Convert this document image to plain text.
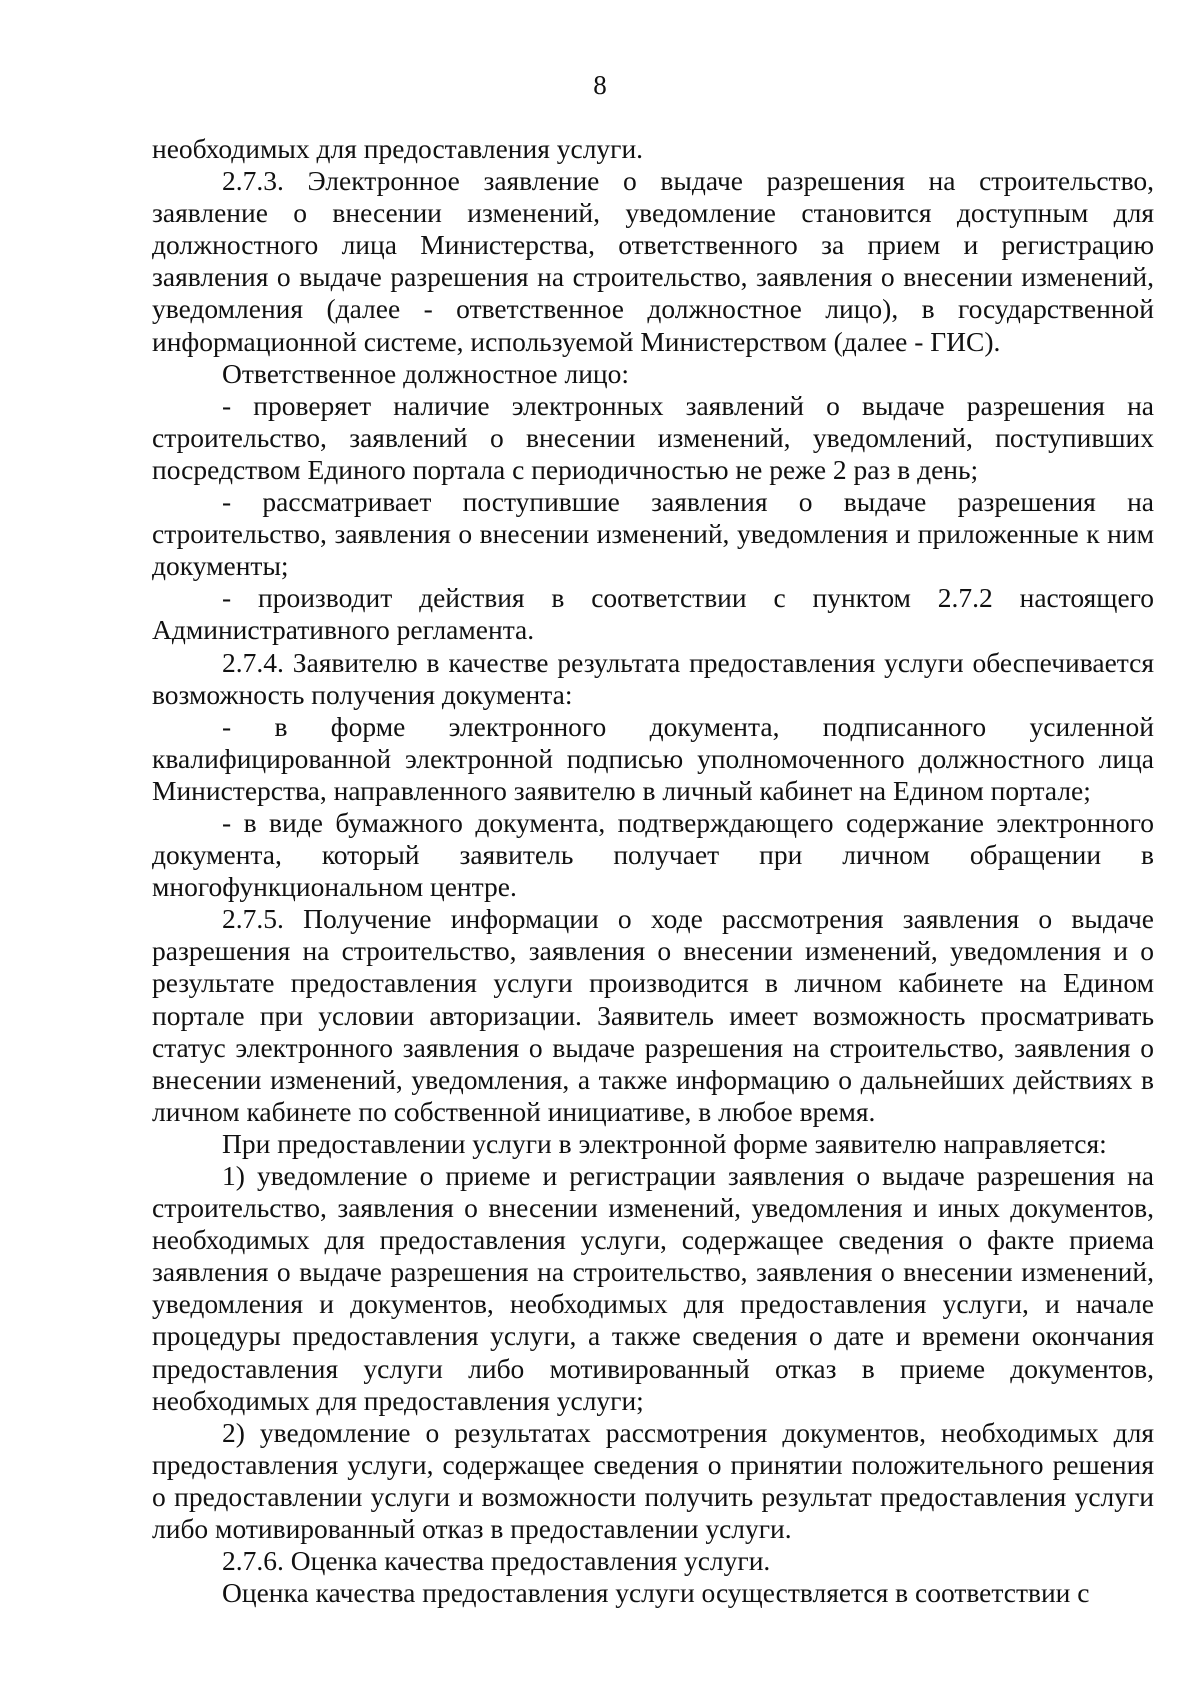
8

необходимых для предоставления услуги.

2.7.3. Электронное заявление о выдаче разрешения на строительство, заявление о внесении изменений, уведомление становится доступным для должностного лица Министерства, ответственного за прием и регистрацию заявления о выдаче разрешения на строительство, заявления о внесении изменений, уведомления (далее - ответственное должностное лицо), в государственной информационной системе, используемой Министерством (далее - ГИС).

Ответственное должностное лицо:

- проверяет наличие электронных заявлений о выдаче разрешения на строительство, заявлений о внесении изменений, уведомлений, поступивших посредством Единого портала с периодичностью не реже 2 раз в день;

- рассматривает поступившие заявления о выдаче разрешения на строительство, заявления о внесении изменений, уведомления и приложенные к ним документы;

- производит действия в соответствии с пунктом 2.7.2 настоящего Административного регламента.

2.7.4. Заявителю в качестве результата предоставления услуги обеспечивается возможность получения документа:

- в форме электронного документа, подписанного усиленной квалифицированной электронной подписью уполномоченного должностного лица Министерства, направленного заявителю в личный кабинет на Едином портале;

- в виде бумажного документа, подтверждающего содержание электронного документа, который заявитель получает при личном обращении в многофункциональном центре.

2.7.5. Получение информации о ходе рассмотрения заявления о выдаче разрешения на строительство, заявления о внесении изменений, уведомления и о результате предоставления услуги производится в личном кабинете на Едином портале при условии авторизации. Заявитель имеет возможность просматривать статус электронного заявления о выдаче разрешения на строительство, заявления о внесении изменений, уведомления, а также информацию о дальнейших действиях в личном кабинете по собственной инициативе, в любое время.

При предоставлении услуги в электронной форме заявителю направляется:

1) уведомление о приеме и регистрации заявления о выдаче разрешения на строительство, заявления о внесении изменений, уведомления и иных документов, необходимых для предоставления услуги, содержащее сведения о факте приема заявления о выдаче разрешения на строительство, заявления о внесении изменений, уведомления и документов, необходимых для предоставления услуги, и начале процедуры предоставления услуги, а также сведения о дате и времени окончания предоставления услуги либо мотивированный отказ в приеме документов, необходимых для предоставления услуги;

2) уведомление о результатах рассмотрения документов, необходимых для предоставления услуги, содержащее сведения о принятии положительного решения о предоставлении услуги и возможности получить результат предоставления услуги либо мотивированный отказ в предоставлении услуги.

2.7.6. Оценка качества предоставления услуги.

Оценка качества предоставления услуги осуществляется в соответствии с
